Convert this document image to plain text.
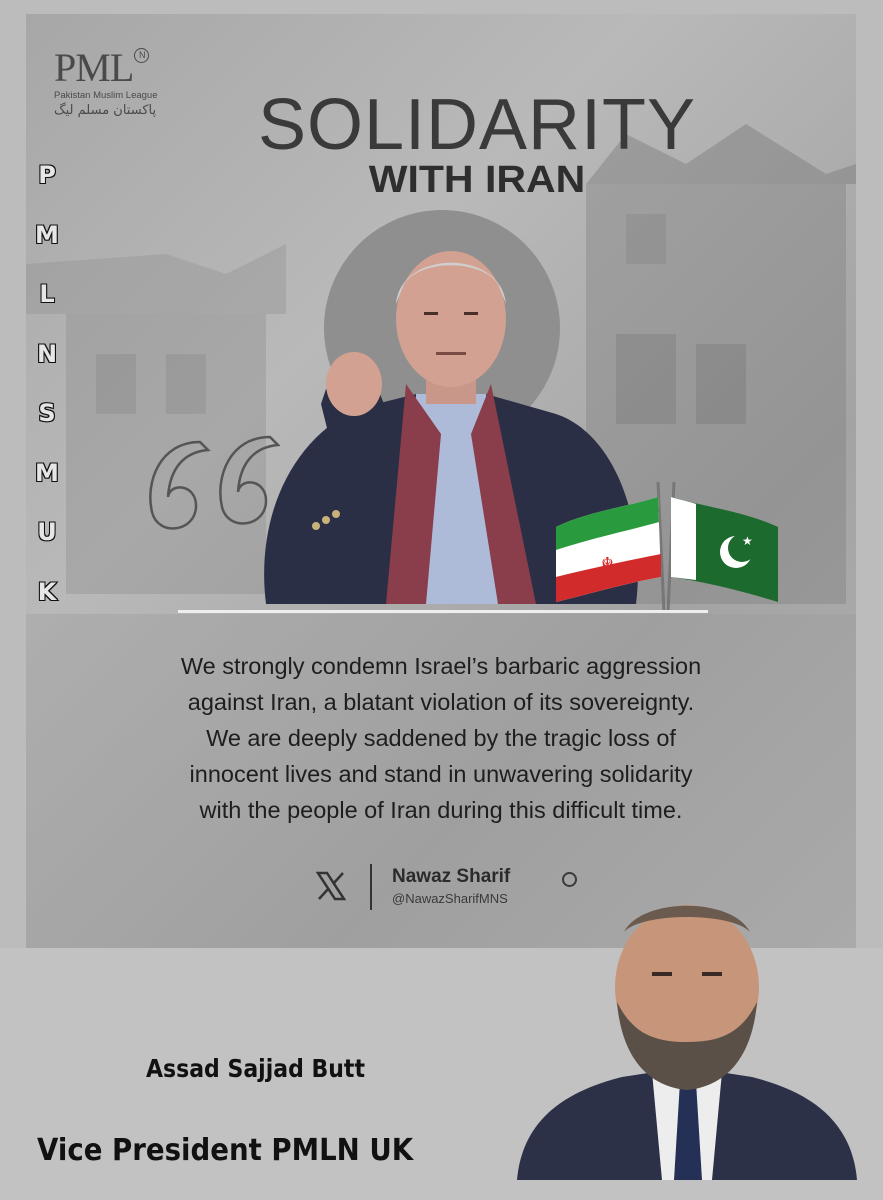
PML N
Pakistan Muslim League
پاکستان مسلم لیگ	SOLIDARITY
WITH IRAN
☬
★
We strongly condemn Israel’s barbaric aggression
against Iran, a blatant violation of its sovereignty.
We are deeply saddened by the tragic loss of
innocent lives and stand in unwavering solidarity
with the people of Iran during this difficult time.
Nawaz Sharif
@NawazSharifMNS
P
M
L
N
S
M
U
K
Assad Sajjad Butt
Vice President PMLN UK
